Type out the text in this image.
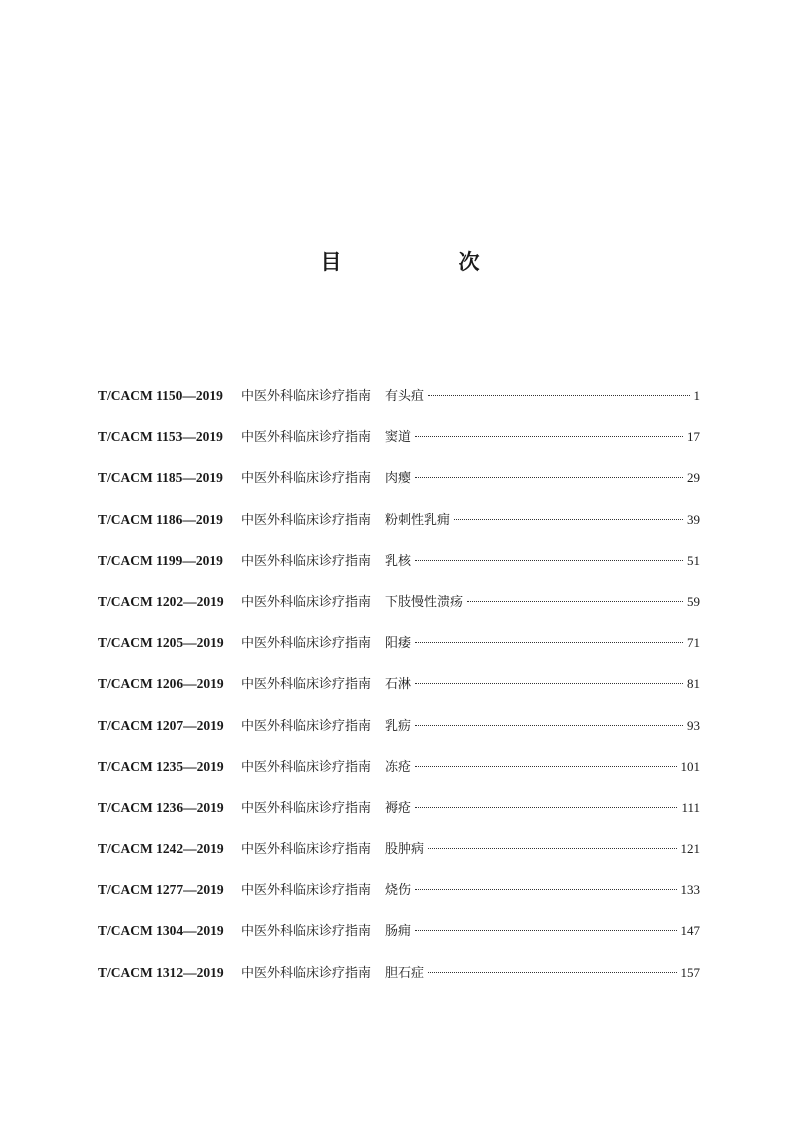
目　次
T/CACM 1150—2019	中医外科临床诊疗指南 有头疽	1
T/CACM 1153—2019	中医外科临床诊疗指南 窦道	17
T/CACM 1185—2019	中医外科临床诊疗指南 肉瘿	29
T/CACM 1186—2019	中医外科临床诊疗指南 粉刺性乳痈	39
T/CACM 1199—2019	中医外科临床诊疗指南 乳核	51
T/CACM 1202—2019	中医外科临床诊疗指南 下肢慢性溃疡	59
T/CACM 1205—2019	中医外科临床诊疗指南 阳痿	71
T/CACM 1206—2019	中医外科临床诊疗指南 石淋	81
T/CACM 1207—2019	中医外科临床诊疗指南 乳疬	93
T/CACM 1235—2019	中医外科临床诊疗指南 冻疮	101
T/CACM 1236—2019	中医外科临床诊疗指南 褥疮	111
T/CACM 1242—2019	中医外科临床诊疗指南 股肿病	121
T/CACM 1277—2019	中医外科临床诊疗指南 烧伤	133
T/CACM 1304—2019	中医外科临床诊疗指南 肠痈	147
T/CACM 1312—2019	中医外科临床诊疗指南 胆石症	157
